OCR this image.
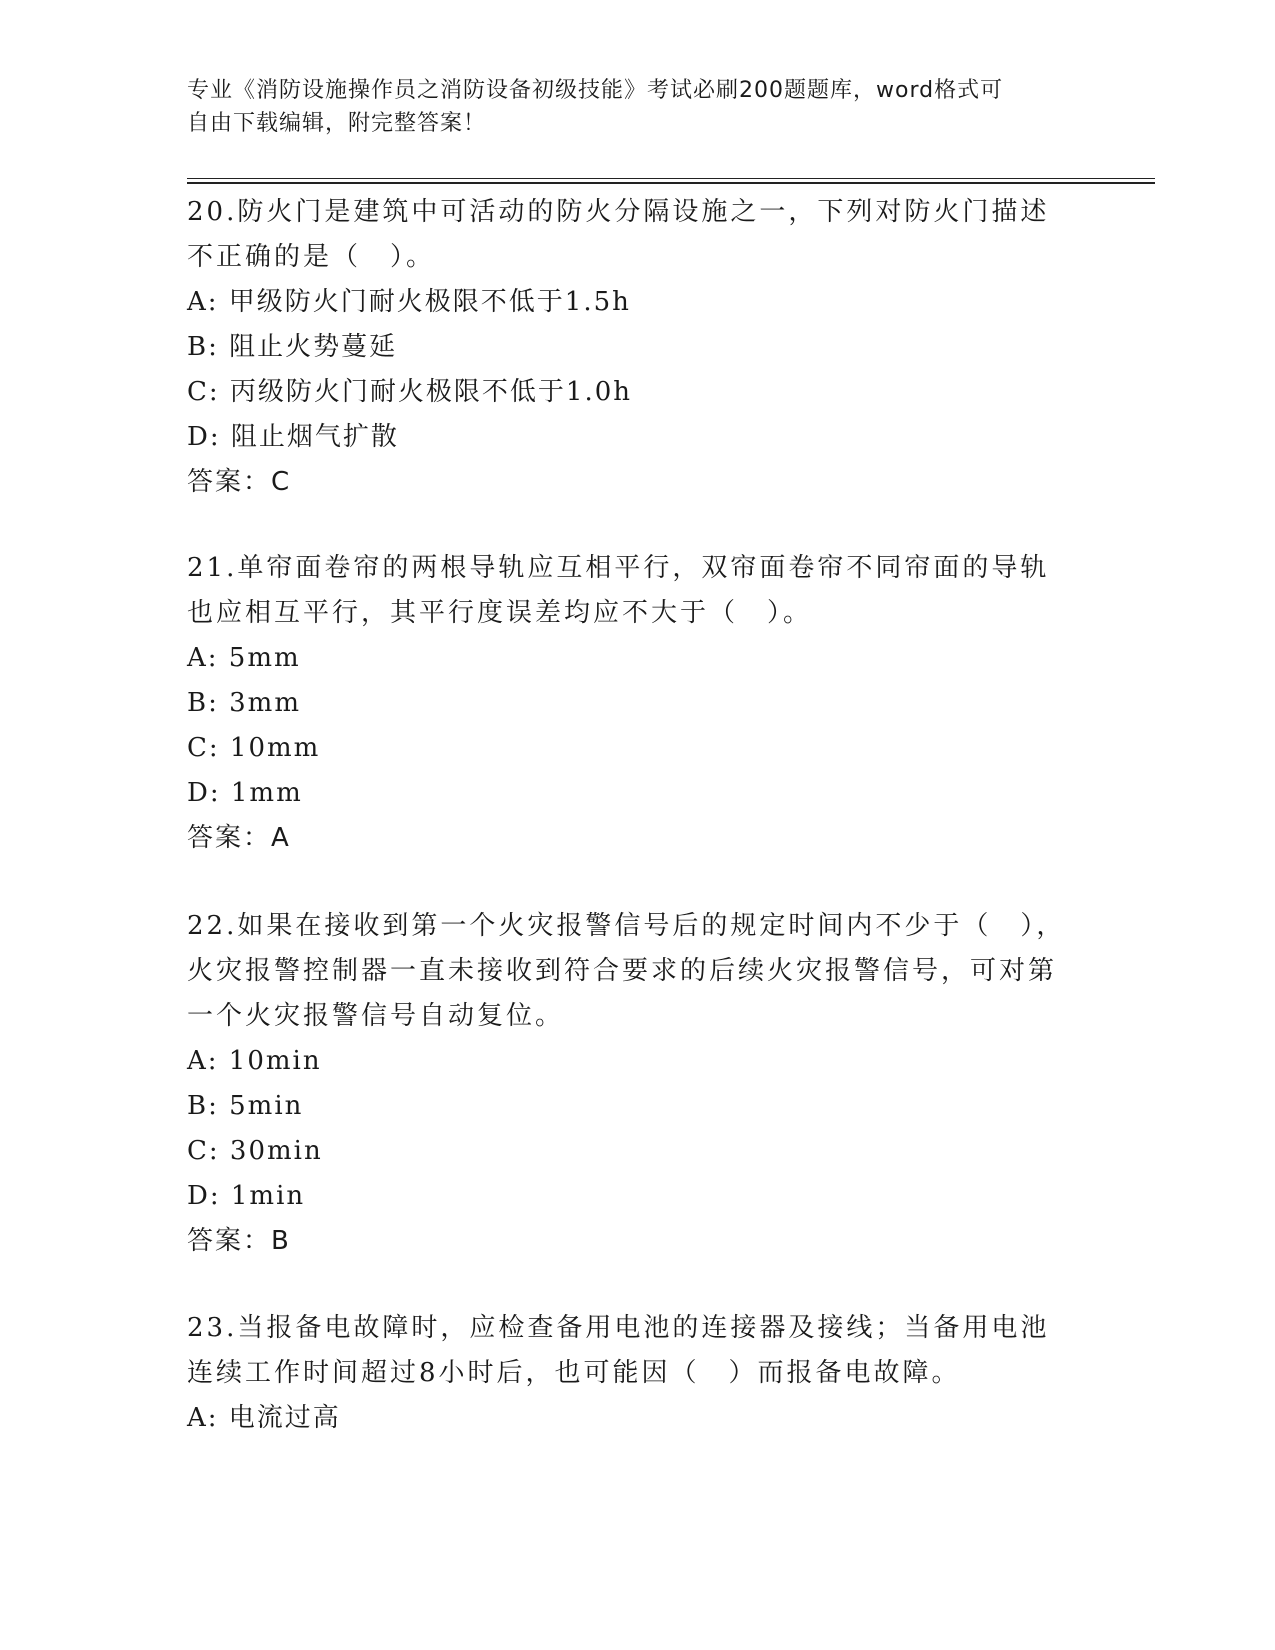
专业《消防设施操作员之消防设备初级技能》考试必刷200题题库，word格式可
自由下载编辑，附完整答案！

20.防火门是建筑中可活动的防火分隔设施之一，下列对防火门描述不正确的是（　）。

A: 甲级防火门耐火极限不低于1.5h

B: 阻止火势蔓延

C: 丙级防火门耐火极限不低于1.0h

D: 阻止烟气扩散

答案：C

21.单帘面卷帘的两根导轨应互相平行，双帘面卷帘不同帘面的导轨也应相互平行，其平行度误差均应不大于（　）。

A: 5mm

B: 3mm

C: 10mm

D: 1mm

答案：A

22.如果在接收到第一个火灾报警信号后的规定时间内不少于（　），火灾报警控制器一直未接收到符合要求的后续火灾报警信号，可对第一个火灾报警信号自动复位。

A: 10min

B: 5min

C: 30min

D: 1min

答案：B

23.当报备电故障时，应检查备用电池的连接器及接线；当备用电池连续工作时间超过8小时后，也可能因（　）而报备电故障。

A: 电流过高
